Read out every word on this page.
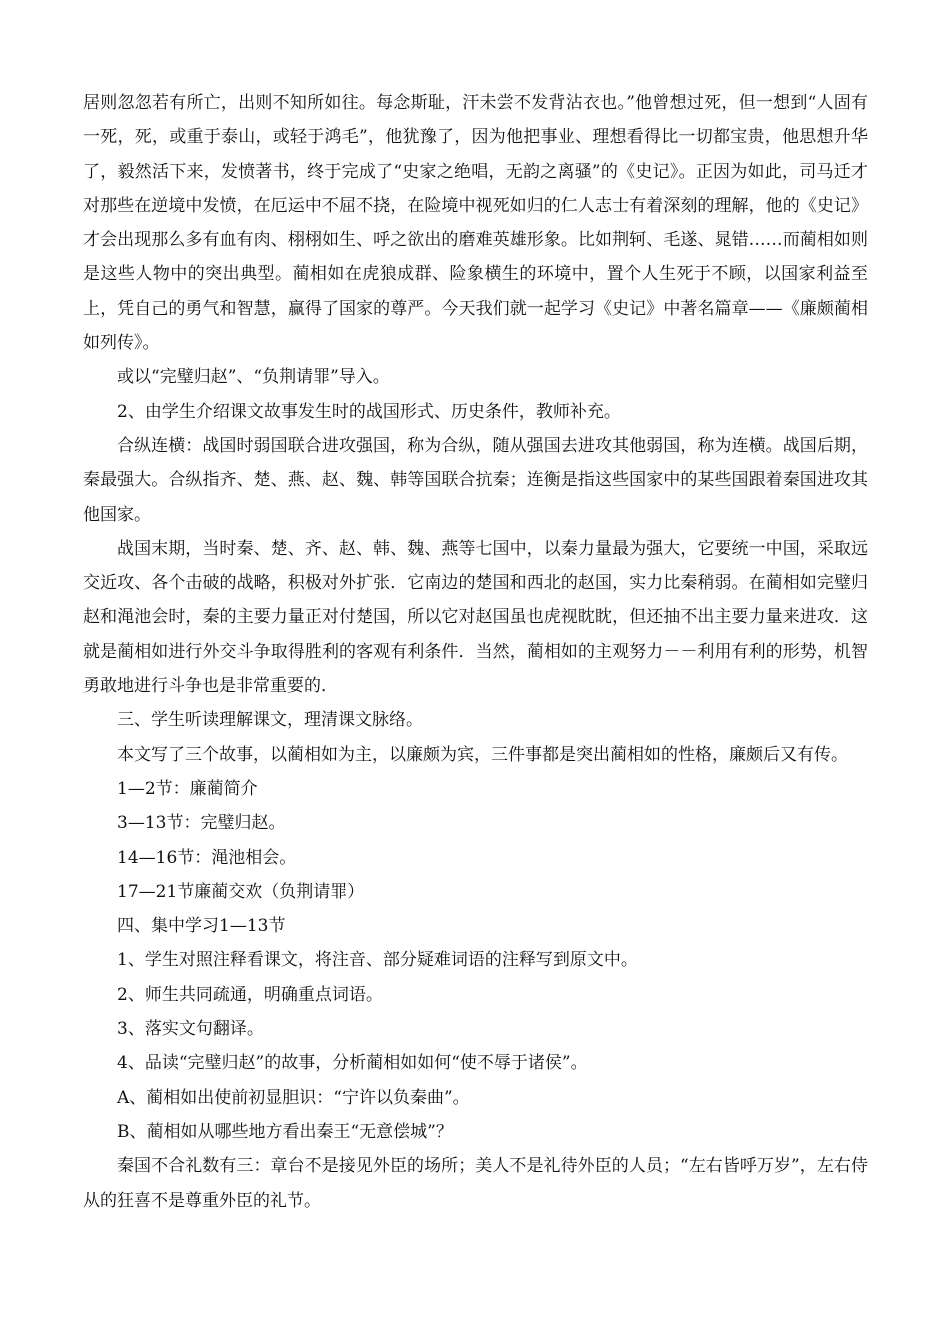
居则忽忽若有所亡，出则不知所如往。每念斯耻，汗未尝不发背沾衣也。”他曾想过死，但一想到“人固有一死，死，或重于泰山，或轻于鸿毛”，他犹豫了，因为他把事业、理想看得比一切都宝贵，他思想升华了，毅然活下来，发愤著书，终于完成了“史家之绝唱，无韵之离骚”的《史记》。正因为如此，司马迁才对那些在逆境中发愤，在厄运中不屈不挠，在险境中视死如归的仁人志士有着深刻的理解，他的《史记》才会出现那么多有血有肉、栩栩如生、呼之欲出的磨难英雄形象。比如荆轲、毛遂、晁错……而蔺相如则是这些人物中的突出典型。蔺相如在虎狼成群、险象横生的环境中，置个人生死于不顾，以国家利益至上，凭自己的勇气和智慧，赢得了国家的尊严。今天我们就一起学习《史记》中著名篇章——《廉颇蔺相如列传》。

或以“完璧归赵”、“负荆请罪”导入。

2、由学生介绍课文故事发生时的战国形式、历史条件，教师补充。

合纵连横：战国时弱国联合进攻强国，称为合纵，随从强国去进攻其他弱国，称为连横。战国后期，秦最强大。合纵指齐、楚、燕、赵、魏、韩等国联合抗秦；连衡是指这些国家中的某些国跟着秦国进攻其他国家。

战国末期，当时秦、楚、齐、赵、韩、魏、燕等七国中，以秦力量最为强大，它要统一中国，采取远交近攻、各个击破的战略，积极对外扩张．它南边的楚国和西北的赵国，实力比秦稍弱。在蔺相如完璧归赵和渑池会时，秦的主要力量正对付楚国，所以它对赵国虽也虎视眈眈，但还抽不出主要力量来进攻．这就是蔺相如进行外交斗争取得胜利的客观有利条件．当然，蔺相如的主观努力－－利用有利的形势，机智勇敢地进行斗争也是非常重要的．

三、学生听读理解课文，理清课文脉络。

本文写了三个故事，以蔺相如为主，以廉颇为宾，三件事都是突出蔺相如的性格，廉颇后又有传。

1—2节：廉蔺简介

3—13节：完璧归赵。

14—16节：渑池相会。

17—21节廉蔺交欢（负荆请罪）

四、集中学习1—13节

1、学生对照注释看课文，将注音、部分疑难词语的注释写到原文中。

2、师生共同疏通，明确重点词语。

3、落实文句翻译。

4、品读“完璧归赵”的故事，分析蔺相如如何“使不辱于诸侯”。

A、蔺相如出使前初显胆识：“宁许以负秦曲”。

B、蔺相如从哪些地方看出秦王“无意偿城”？

秦国不合礼数有三：章台不是接见外臣的场所；美人不是礼待外臣的人员；“左右皆呼万岁”，左右侍从的狂喜不是尊重外臣的礼节。
